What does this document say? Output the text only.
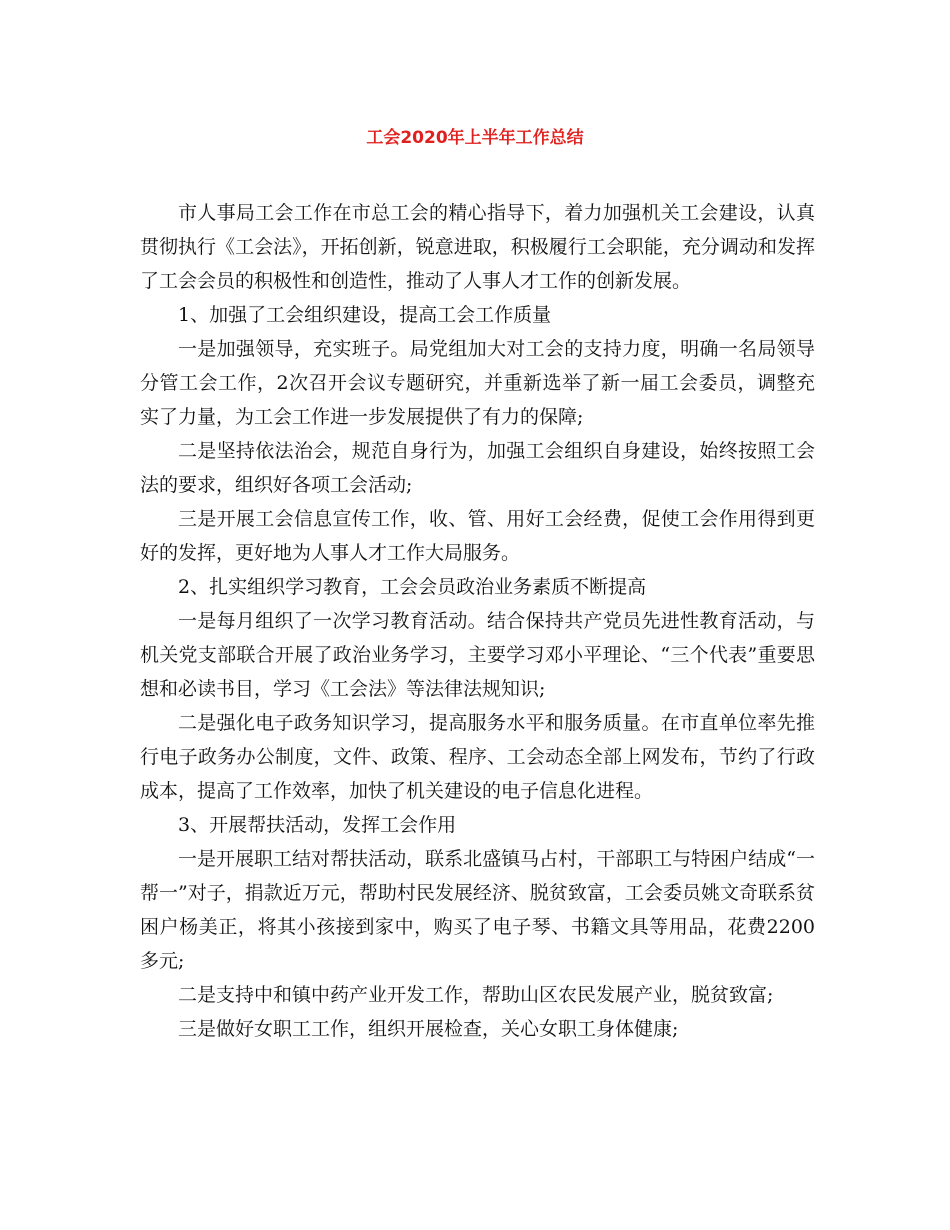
工会2020年上半年工作总结

市人事局工会工作在市总工会的精心指导下，着力加强机关工会建设，认真贯彻执行《工会法》，开拓创新，锐意进取，积极履行工会职能，充分调动和发挥了工会会员的积极性和创造性，推动了人事人才工作的创新发展。

1、加强了工会组织建设，提高工会工作质量

一是加强领导，充实班子。局党组加大对工会的支持力度，明确一名局领导分管工会工作，2次召开会议专题研究，并重新选举了新一届工会委员，调整充实了力量，为工会工作进一步发展提供了有力的保障;

二是坚持依法治会，规范自身行为，加强工会组织自身建设，始终按照工会法的要求，组织好各项工会活动;

三是开展工会信息宣传工作，收、管、用好工会经费，促使工会作用得到更好的发挥，更好地为人事人才工作大局服务。

2、扎实组织学习教育，工会会员政治业务素质不断提高

一是每月组织了一次学习教育活动。结合保持共产党员先进性教育活动，与机关党支部联合开展了政治业务学习，主要学习邓小平理论、“三个代表”重要思想和必读书目，学习《工会法》等法律法规知识;

二是强化电子政务知识学习，提高服务水平和服务质量。在市直单位率先推行电子政务办公制度，文件、政策、程序、工会动态全部上网发布，节约了行政成本，提高了工作效率，加快了机关建设的电子信息化进程。

3、开展帮扶活动，发挥工会作用

一是开展职工结对帮扶活动，联系北盛镇马占村，干部职工与特困户结成“一帮一”对子，捐款近万元，帮助村民发展经济、脱贫致富，工会委员姚文奇联系贫困户杨美正，将其小孩接到家中，购买了电子琴、书籍文具等用品，花费2200多元;

二是支持中和镇中药产业开发工作，帮助山区农民发展产业，脱贫致富;

三是做好女职工工作，组织开展检查，关心女职工身体健康;
